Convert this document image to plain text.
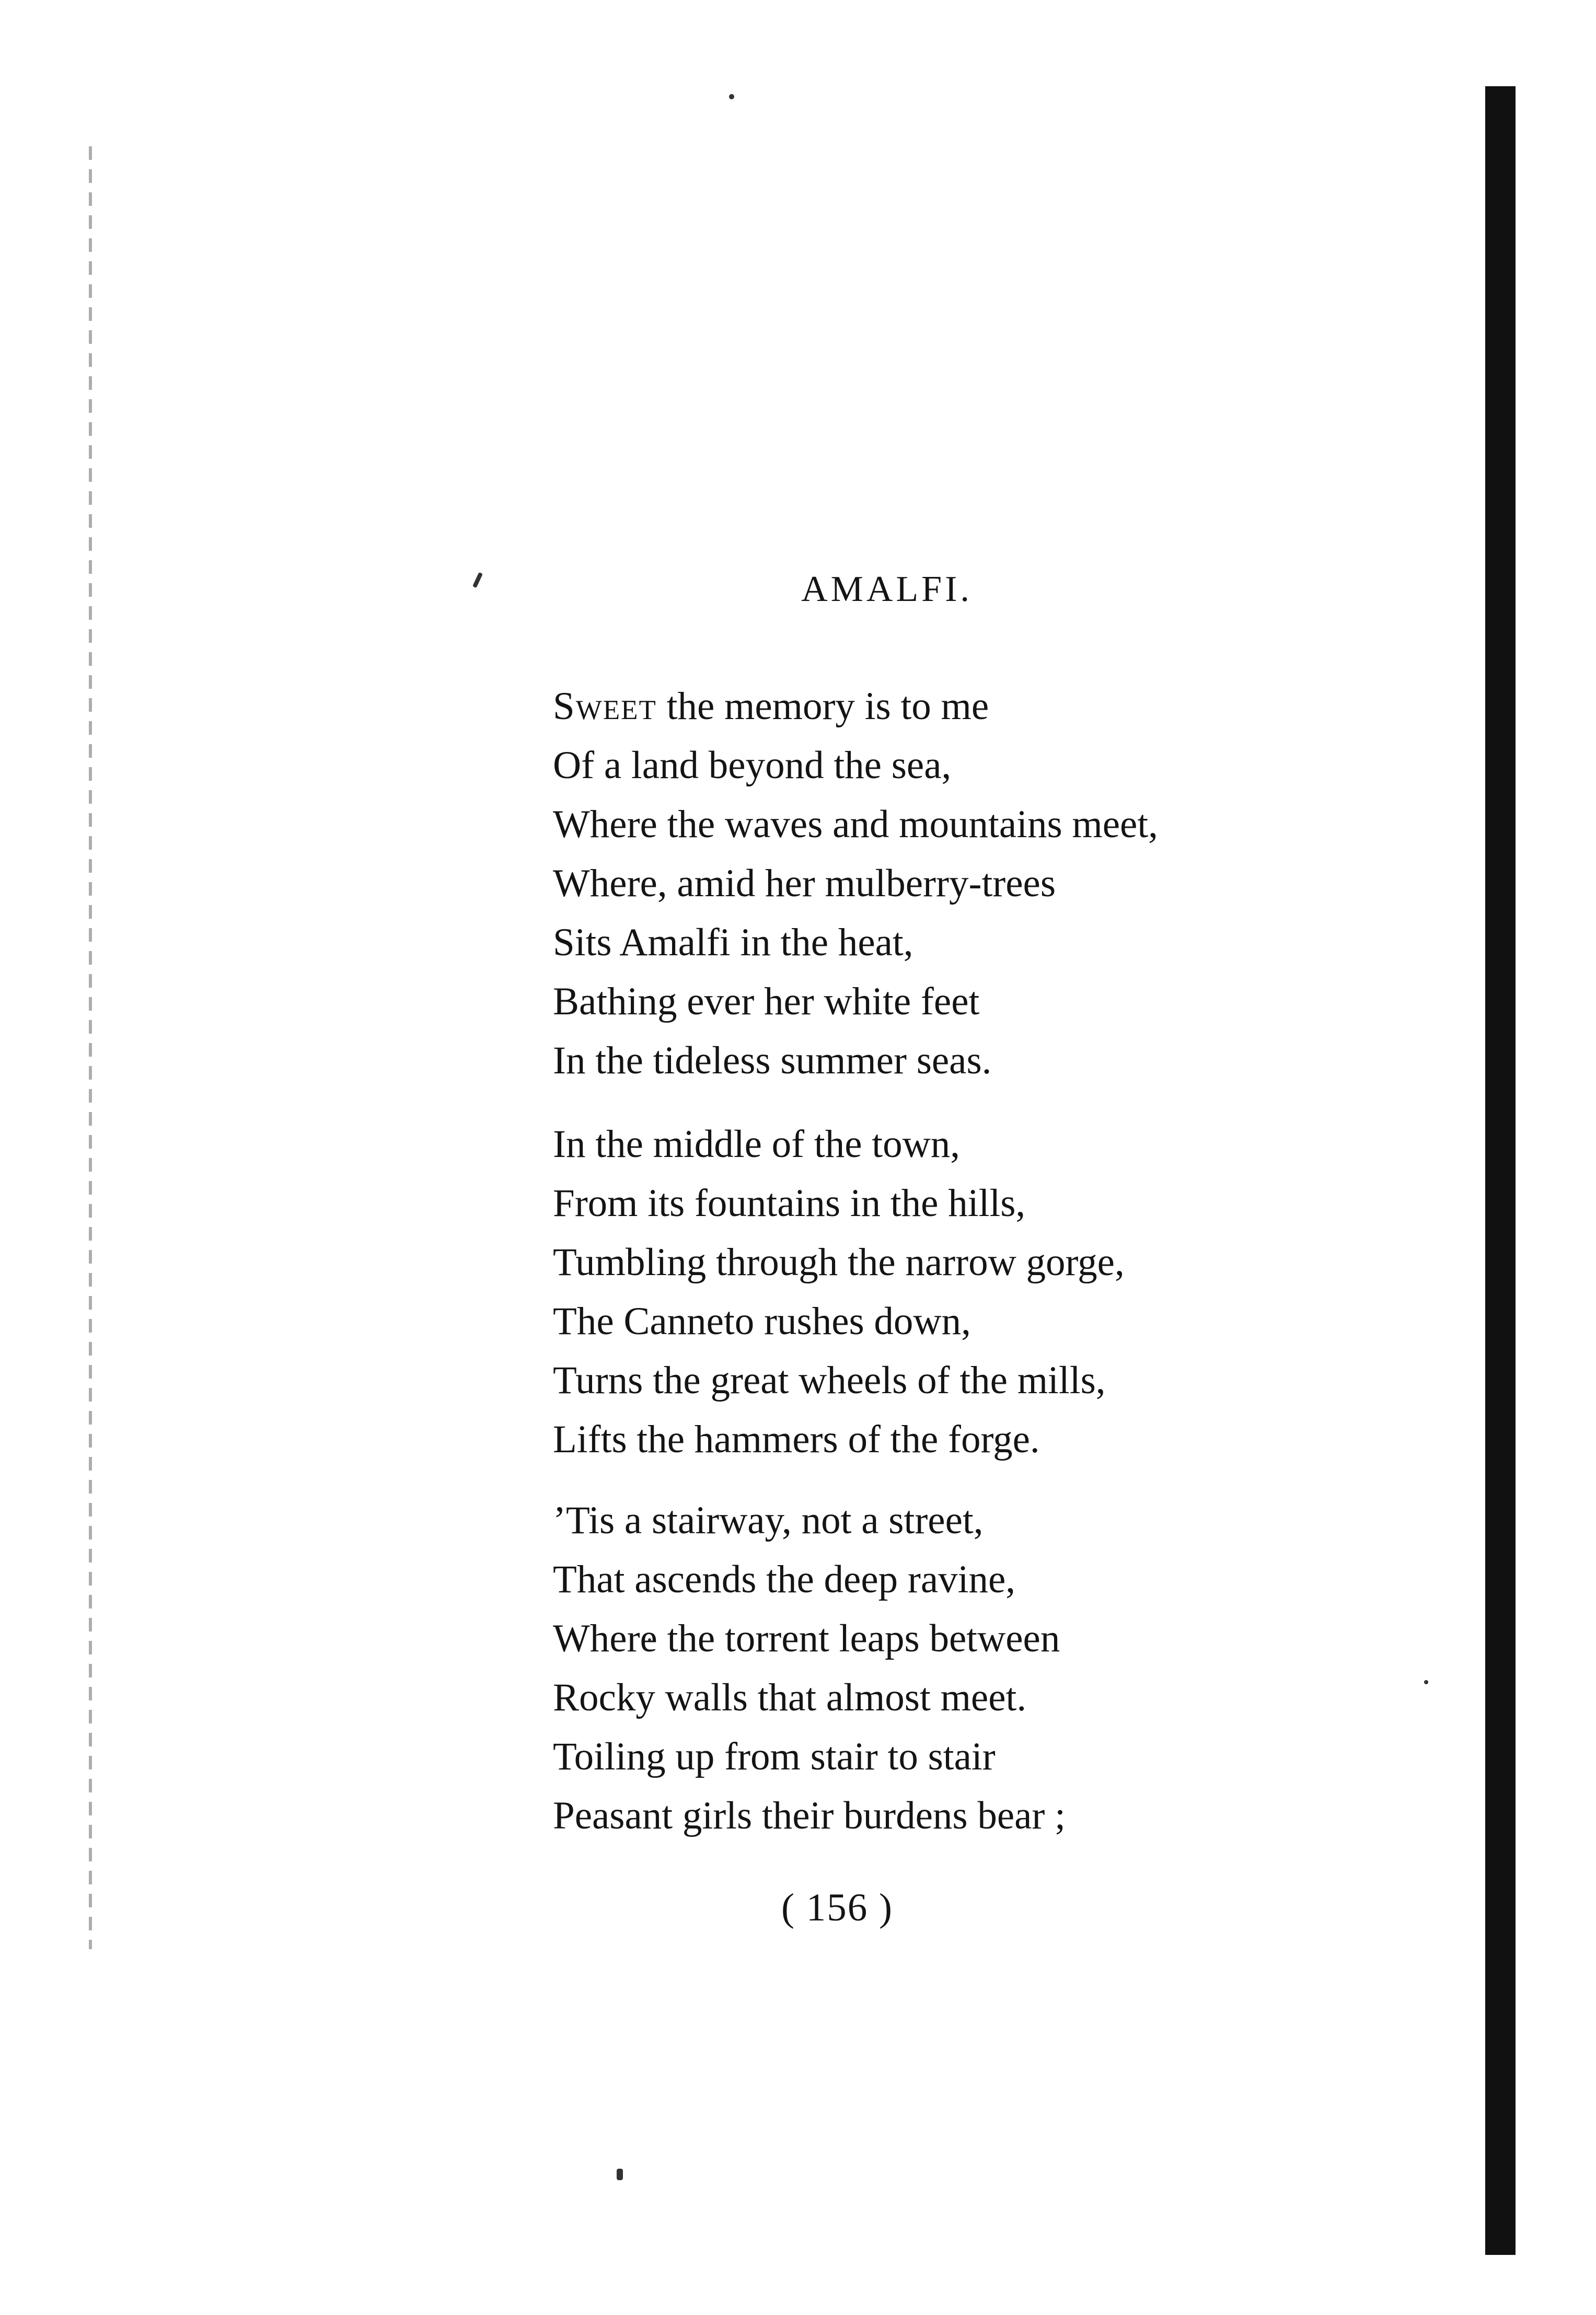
AMALFI.
Sweet the memory is to me
Of a land beyond the sea,
Where the waves and mountains meet,
Where, amid her mulberry-trees
Sits Amalfi in the heat,
Bathing ever her white feet
In the tideless summer seas.
In the middle of the town,
From its fountains in the hills,
Tumbling through the narrow gorge,
The Canneto rushes down,
Turns the great wheels of the mills,
Lifts the hammers of the forge.
’Tis a stairway, not a street,
That ascends the deep ravine,
Where the torrent leaps between
Rocky walls that almost meet.
Toiling up from stair to stair
Peasant girls their burdens bear ;
( 156 )
